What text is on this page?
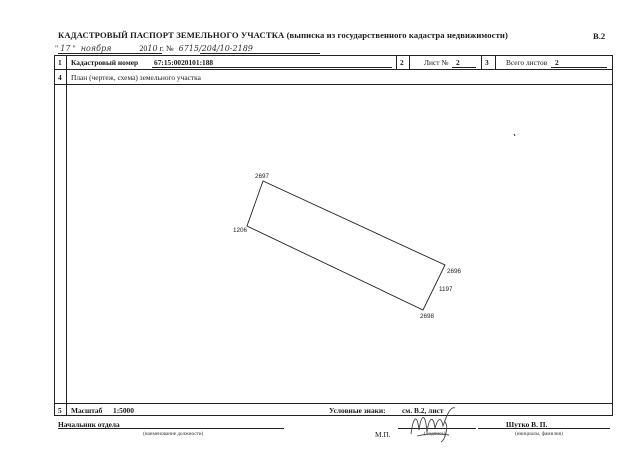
КАДАСТРОВЫЙ ПАСПОРТ ЗЕМЕЛЬНОГО УЧАСТКА (выписка из государственного кадастра недвижимости)	В.2
" 17 " ноября	2010 г. № 6715/204/10-2189
1 Кадастровый номер 67:15:0020101:188	2	Лист № 2	3 Всего листов 2
4 План (чертеж, схема) земельного участка
2697
1206
2696
2698
1197
5 Масштаб 1:5000	Условные знаки: см. В.2, лист
Начальник отдела
(наименование должности)	М.П.	(подпись)
Шутко В. П.
(инициалы, фамилия)
